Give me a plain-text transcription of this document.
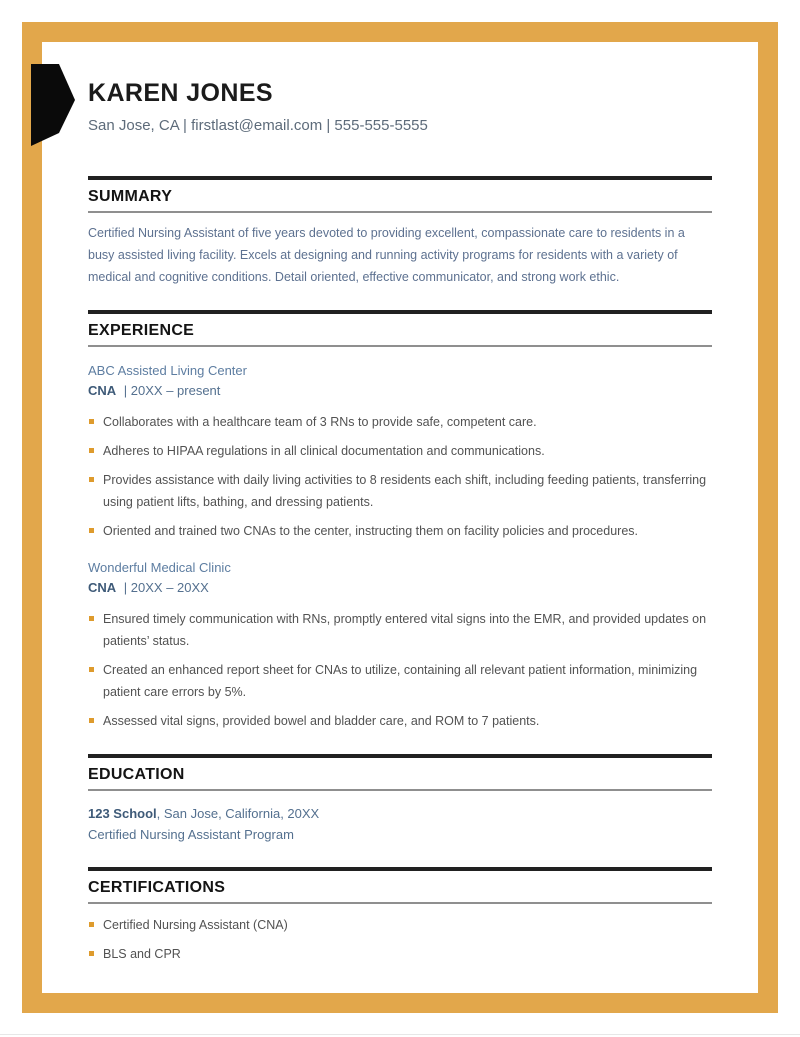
KAREN JONES
San Jose, CA | firstlast@email.com | 555-555-5555
SUMMARY

Certified Nursing Assistant of five years devoted to providing excellent, compassionate care to residents in a busy assisted living facility. Excels at designing and running activity programs for residents with a variety of medical and cognitive conditions. Detail oriented, effective communicator, and strong work ethic.

EXPERIENCE
ABC Assisted Living Center
CNA | 20XX – present
Collaborates with a healthcare team of 3 RNs to provide safe, competent care.
Adheres to HIPAA regulations in all clinical documentation and communications.
Provides assistance with daily living activities to 8 residents each shift, including feeding patients, transferring using patient lifts, bathing, and dressing patients.
Oriented and trained two CNAs to the center, instructing them on facility policies and procedures.
Wonderful Medical Clinic
CNA | 20XX – 20XX
Ensured timely communication with RNs, promptly entered vital signs into the EMR, and provided updates on patients’ status.
Created an enhanced report sheet for CNAs to utilize, containing all relevant patient information, minimizing patient care errors by 5%.
Assessed vital signs, provided bowel and bladder care, and ROM to 7 patients.
EDUCATION
123 School, San Jose, California, 20XX
Certified Nursing Assistant Program
CERTIFICATIONS
Certified Nursing Assistant (CNA)
BLS and CPR
